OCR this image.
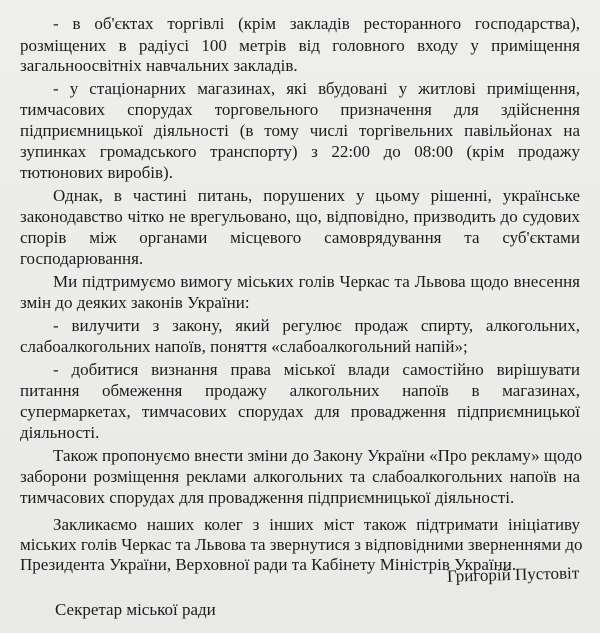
- в об'єктах торгівлі (крім закладів ресторанного господарства),
розміщених в радіусі 100 метрів від головного входу у приміщення
загальноосвітніх навчальних закладів.
- у стаціонарних магазинах, які вбудовані у житлові приміщення,
тимчасових спорудах торговельного призначення для здійснення
підприємницької діяльності (в тому числі торгівельних павільйонах на
зупинках громадського транспорту) з 22:00 до 08:00 (крім продажу
тютюнових виробів).
Однак, в частині питань, порушених у цьому рішенні, українське
законодавство чітко не врегульовано, що, відповідно, призводить до судових
спорів між органами місцевого самоврядування та суб'єктами
господарювання.
Ми підтримуємо вимогу міських голів Черкас та Львова щодо внесення
змін до деяких законів України:
- вилучити з закону, який регулює продаж спирту, алкогольних,
слабоалкогольних напоїв, поняття «слабоалкогольний напій»;
- добитися визнання права міської влади самостійно вирішувати
питання обмеження продажу алкогольних напоїв в магазинах,
супермаркетах, тимчасових спорудах для провадження підприємницької
діяльності.
Також пропонуємо внести зміни до Закону України «Про рекламу» щодо
заборони розміщення реклами алкогольних та слабоалкогольних напоїв на
тимчасових спорудах для провадження підприємницької діяльності.
Закликаємо наших колег з інших міст також підтримати ініціативу
міських голів Черкас та Львова та звернутися з відповідними зверненнями до
Президента України, Верховної ради та Кабінету Міністрів України.
Григорій Пустовіт
Секретар міської ради
